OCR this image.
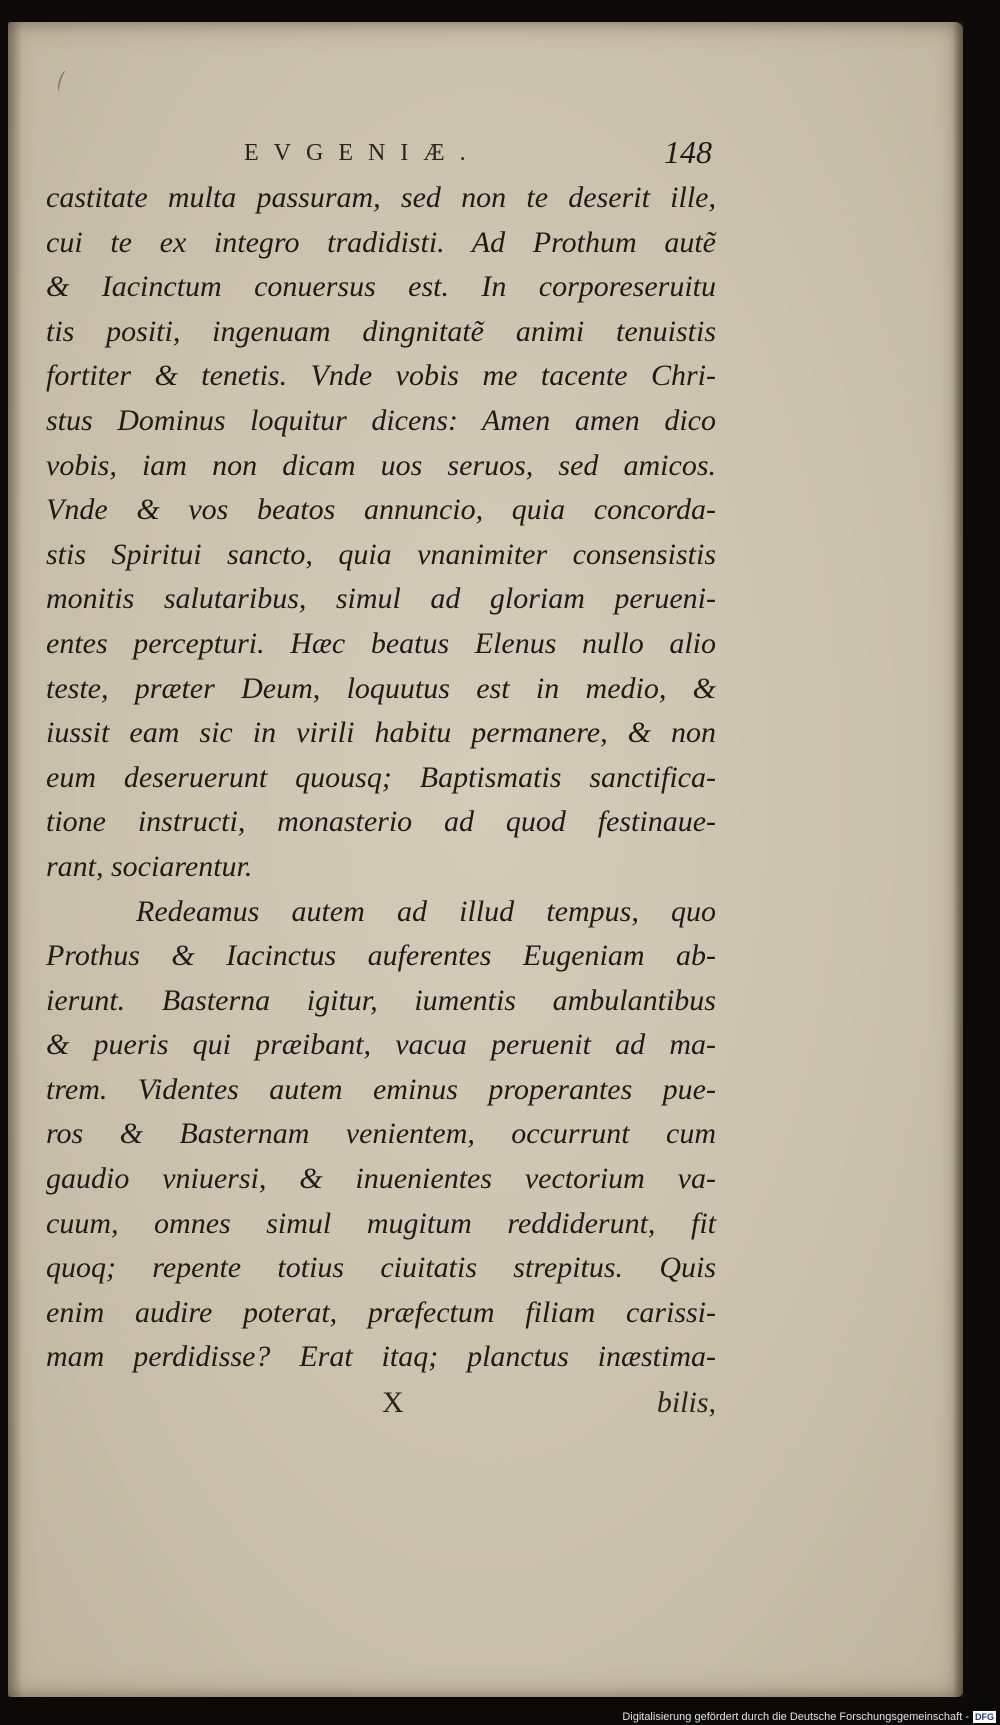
EVGENIÆ.	148
castitate multa passuram, sed non te deserit ille,
cui te ex integro tradidisti. Ad Prothum autẽ
& Iacinctum conuersus est. In corporeseruitu
tis positi, ingenuam dingnitatẽ animi tenuistis
fortiter & tenetis. Vnde vobis me tacente Chri-
stus Dominus loquitur dicens: Amen amen dico
vobis, iam non dicam uos seruos, sed amicos.
Vnde & vos beatos annuncio, quia concorda-
stis Spiritui sancto, quia vnanimiter consensistis
monitis salutaribus, simul ad gloriam perueni-
entes percepturi. Hæc beatus Elenus nullo alio
teste, præter Deum, loquutus est in medio, &
iussit eam sic in virili habitu permanere, & non
eum deseruerunt quousq; Baptismatis sanctifica-
tione instructi, monasterio ad quod festinaue-
rant, sociarentur.
Redeamus autem ad illud tempus, quo
Prothus & Iacinctus auferentes Eugeniam ab-
ierunt. Basterna igitur, iumentis ambulantibus
& pueris qui præibant, vacua peruenit ad ma-
trem. Videntes autem eminus properantes pue-
ros & Basternam venientem, occurrunt cum
gaudio vniuersi, & inuenientes vectorium va-
cuum, omnes simul mugitum reddiderunt, fit
quoq; repente totius ciuitatis strepitus. Quis
enim audire poterat, præfectum filiam carissi-
mam perdidisse? Erat itaq; planctus inæstima-
X	bilis,
Digitalisierung gefördert durch die Deutsche Forschungsgemeinschaft - DFG
